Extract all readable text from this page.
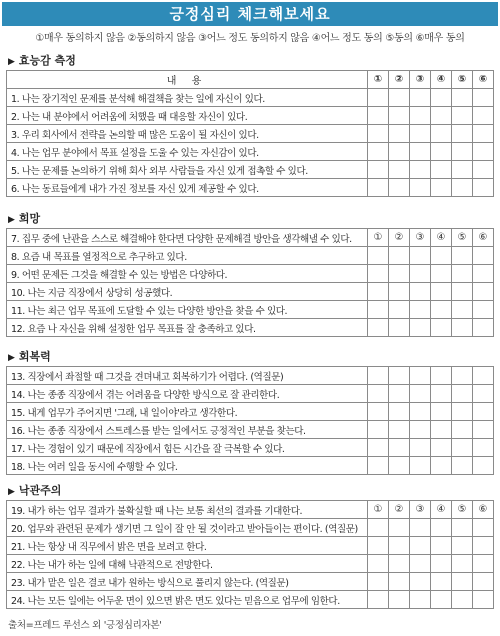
긍정심리 체크해보세요
①매우 동의하지 않음 ②동의하지 않음 ③어느 정도 동의하지 않음 ④어느 정도 동의 ⑤동의 ⑥매우 동의
▶ 효능감 측정
내 용	①	②	③	④	⑤	⑥
1. 나는 장기적인 문제를 분석해 해결책을 찾는 일에 자신이 있다.						
2. 나는 내 분야에서 어려움에 처했을 때 대응할 자신이 있다.						
3. 우리 회사에서 전략을 논의할 때 많은 도움이 될 자신이 있다.						
4. 나는 업무 분야에서 목표 설정을 도울 수 있는 자신감이 있다.						
5. 나는 문제를 논의하기 위해 회사 외부 사람들을 자신 있게 접촉할 수 있다.						
6. 나는 동료들에게 내가 가진 정보를 자신 있게 제공할 수 있다.						
▶ 희망
7. 집무 중에 난관을 스스로 해결해야 한다면 다양한 문제해결 방안을 생각해낼 수 있다.	①	②	③	④	⑤	⑥
8. 요즘 내 목표를 열정적으로 추구하고 있다.						
9. 어떤 문제든 그것을 해결할 수 있는 방법은 다양하다.						
10. 나는 지금 직장에서 상당히 성공했다.						
11. 나는 최근 업무 목표에 도달할 수 있는 다양한 방안을 찾을 수 있다.						
12. 요즘 나 자신을 위해 설정한 업무 목표를 잘 충족하고 있다.						
▶ 회복력
13. 직장에서 좌절할 때 그것을 견뎌내고 회복하기가 어렵다. (역질문)						
14. 나는 종종 직장에서 겪는 어려움을 다양한 방식으로 잘 관리한다.						
15. 내게 업무가 주어지면 '그래, 내 일이야'라고 생각한다.						
16. 나는 종종 직장에서 스트레스를 받는 일에서도 긍정적인 부분을 찾는다.						
17. 나는 경험이 있기 때문에 직장에서 힘든 시간을 잘 극복할 수 있다.						
18. 나는 여러 일을 동시에 수행할 수 있다.						
▶ 낙관주의
19. 내가 하는 업무 결과가 불확실할 때 나는 보통 최선의 결과를 기대한다.	①	②	③	④	⑤	⑥
20. 업무와 관련된 문제가 생기면 그 일이 잘 안 될 것이라고 받아들이는 편이다. (역질문)						
21. 나는 항상 내 직무에서 밝은 면을 보려고 한다.						
22. 나는 내가 하는 일에 대해 낙관적으로 전망한다.						
23. 내가 맡은 일은 결코 내가 원하는 방식으로 풀리지 않는다. (역질문)						
24. 나는 모든 일에는 어두운 면이 있으면 밝은 면도 있다는 믿음으로 업무에 임한다.						
출처=프레드 루선스 외 '긍정심리자본'
